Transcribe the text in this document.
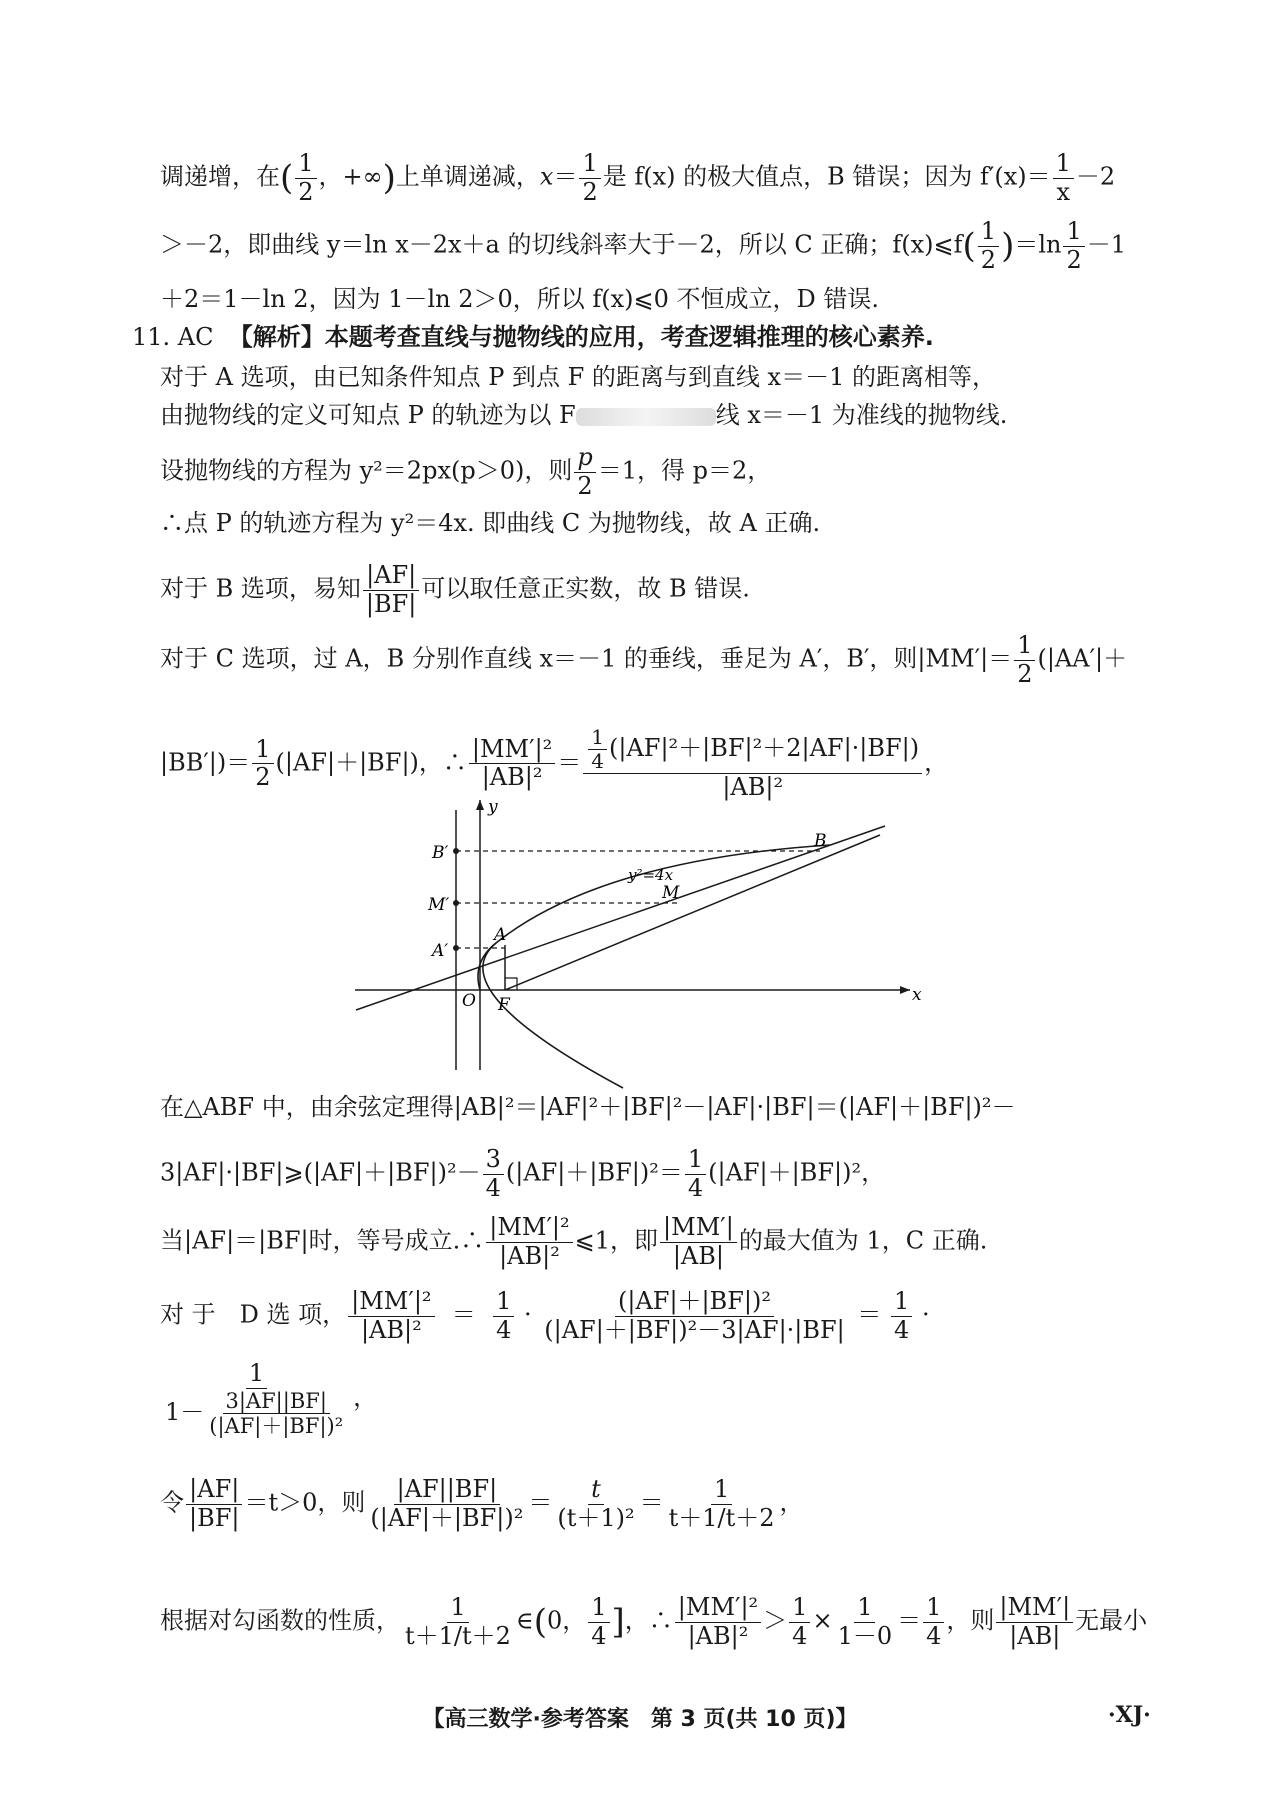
调递增，在( $\frac{1}{2}$ ，+∞)上单调递减，$x= \frac{1}{2}$ 是 f(x) 的极大值点，B 错误；因为 $f'(x)= \frac{1}{x} -2$
＞－2，即曲线 y＝ln x－2x＋a 的切线斜率大于－2，所以 C 正确；f(x)⩽f( $\frac{1}{2} )=\ln \frac{1}{2} -1$
＋2＝1－ln 2，因为 1－ln 2＞0，所以 f(x)⩽0 不恒成立，D 错误.
11. AC 【解析】本题考查直线与抛物线的应用，考查逻辑推理的核心素养.
对于 A 选项，由已知条件知点 P 到点 F 的距离与到直线 x＝－1 的距离相等，
由抛物线的定义可知点 P 的轨迹为以 F	线 x＝－1 为准线的抛物线.
设抛物线的方程为 y²＝2px(p＞0)，则 $\frac{p}{2} =1$，得 p＝2，
∴点 P 的轨迹方程为 y²＝4x. 即曲线 C 为抛物线，故 A 正确.
对于 B 选项，易知 $\frac{|AF|}{|BF|}$ 可以取任意正实数，故 B 错误.
对于 C 选项，过 A，B 分别作直线 x＝－1 的垂线，垂足为 A′，B′，则$|MM'|= \frac{1}{2} (|AA'|+$
$|BB'|)= \frac{1}{2} (|AF|+|BF|)$，∴ $\frac{\text{|MM′|²}}{\text{|AB|²}} = \frac{\frac{1}{4} (|AF|^2+|BF|^2+2|AF|\cdot|BF|)}{\text{|AB|²}}$ ，
y
x
O F
A
B
M
A′
B′
M′
y²=4x
在△ABF 中，由余弦定理得|AB|²＝|AF|²＋|BF|²－|AF|·|BF|＝(|AF|＋|BF|)²－
3|AF|·|BF|⩾(|AF|＋|BF|)²－ $\frac{3}{4} (|AF|+|BF|)^2= \frac{1}{4} (|AF|+|BF|)^2$，
当|AF|＝|BF|时，等号成立.∴ $\frac{\text{|MM′|²}}{\text{|AB|²}}$ ⩽1，即 $\frac{|MM'|}{|AB|}$ 的最大值为 1，C 正确.
对 于　D 选 项， $\frac{\text{|MM′|²}}{\text{|AB|²}} = \frac{1}{4} \cdot \frac{\text{(|AF|＋|BF|)²}}{\text{(|AF|＋|BF|)²－3|AF|·|BF|}} = \frac{1}{4}$ ·
$\frac{1}{1- \frac{3|AF||BF|}{\text{(|AF|＋|BF|)²}}}$ ，
令 $\frac{|AF|}{|BF|} =t>0$，则 $\frac{|AF||BF|}{\text{(|AF|＋|BF|)²}} = \frac{t}{\text{(t＋1)²}} = \frac{1}{t+1/t+2}$ ，
根据对勾函数的性质， $\frac{1}{t+1/t+2}$ ∈(0， $\frac{1}{4}$ ]，∴ $\frac{\text{|MM′|²}}{\text{|AB|²}} > \frac{1}{4} \times \frac{1}{1-0} = \frac{1}{4}$ ，则 $\frac{|MM'|}{|AB|}$ 无最小
【高三数学·参考答案　第 3 页(共 10 页)】	·XJ·
